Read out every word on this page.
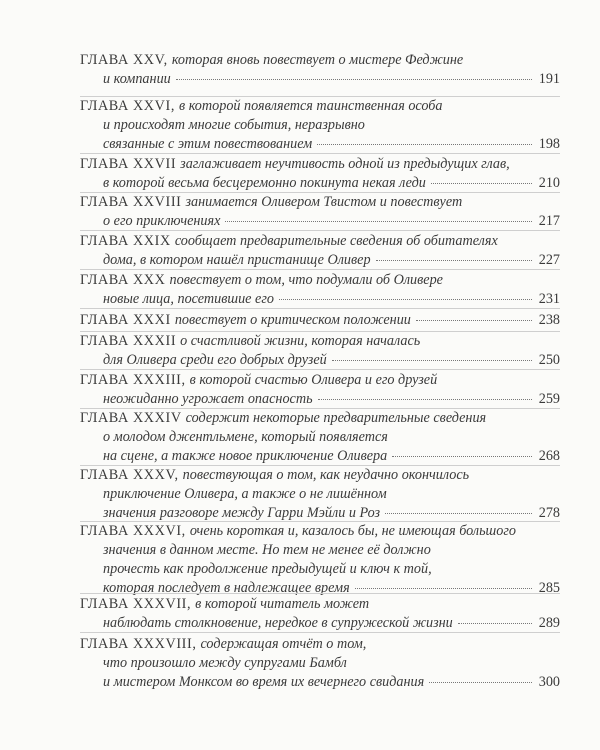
ГЛАВА XXV, которая вновь повествует о мистере Феджине
и компании	191
ГЛАВА XXVI, в которой появляется таинственная особа
и происходят многие события, неразрывно
связанные с этим повествованием	198
ГЛАВА XXVII заглаживает неучтивость одной из предыдущих глав,
в которой весьма бесцеремонно покинута некая леди	210
ГЛАВА XXVIII занимается Оливером Твистом и повествует
о его приключениях	217
ГЛАВА XXIX сообщает предварительные сведения об обитателях
дома, в котором нашёл пристанище Оливер	227
ГЛАВА XXX повествует о том, что подумали об Оливере
новые лица, посетившие его	231
ГЛАВА XXXI повествует о критическом положении	238
ГЛАВА XXXII о счастливой жизни, которая началась
для Оливера среди его добрых друзей	250
ГЛАВА XXXIII, в которой счастью Оливера и его друзей
неожиданно угрожает опасность	259
ГЛАВА XXXIV содержит некоторые предварительные сведения
о молодом джентльмене, который появляется
на сцене, а также новое приключение Оливера	268
ГЛАВА XXXV, повествующая о том, как неудачно окончилось
приключение Оливера, а также о не лишённом
значения разговоре между Гарри Мэйли и Роз	278
ГЛАВА XXXVI, очень короткая и, казалось бы, не имеющая большого
значения в данном месте. Но тем не менее её должно
прочесть как продолжение предыдущей и ключ к той,
которая последует в надлежащее время	285
ГЛАВА XXXVII, в которой читатель может
наблюдать столкновение, нередкое в супружеской жизни	289
ГЛАВА XXXVIII, содержащая отчёт о том,
что произошло между супругами Бамбл
и мистером Монксом во время их вечернего свидания	300
